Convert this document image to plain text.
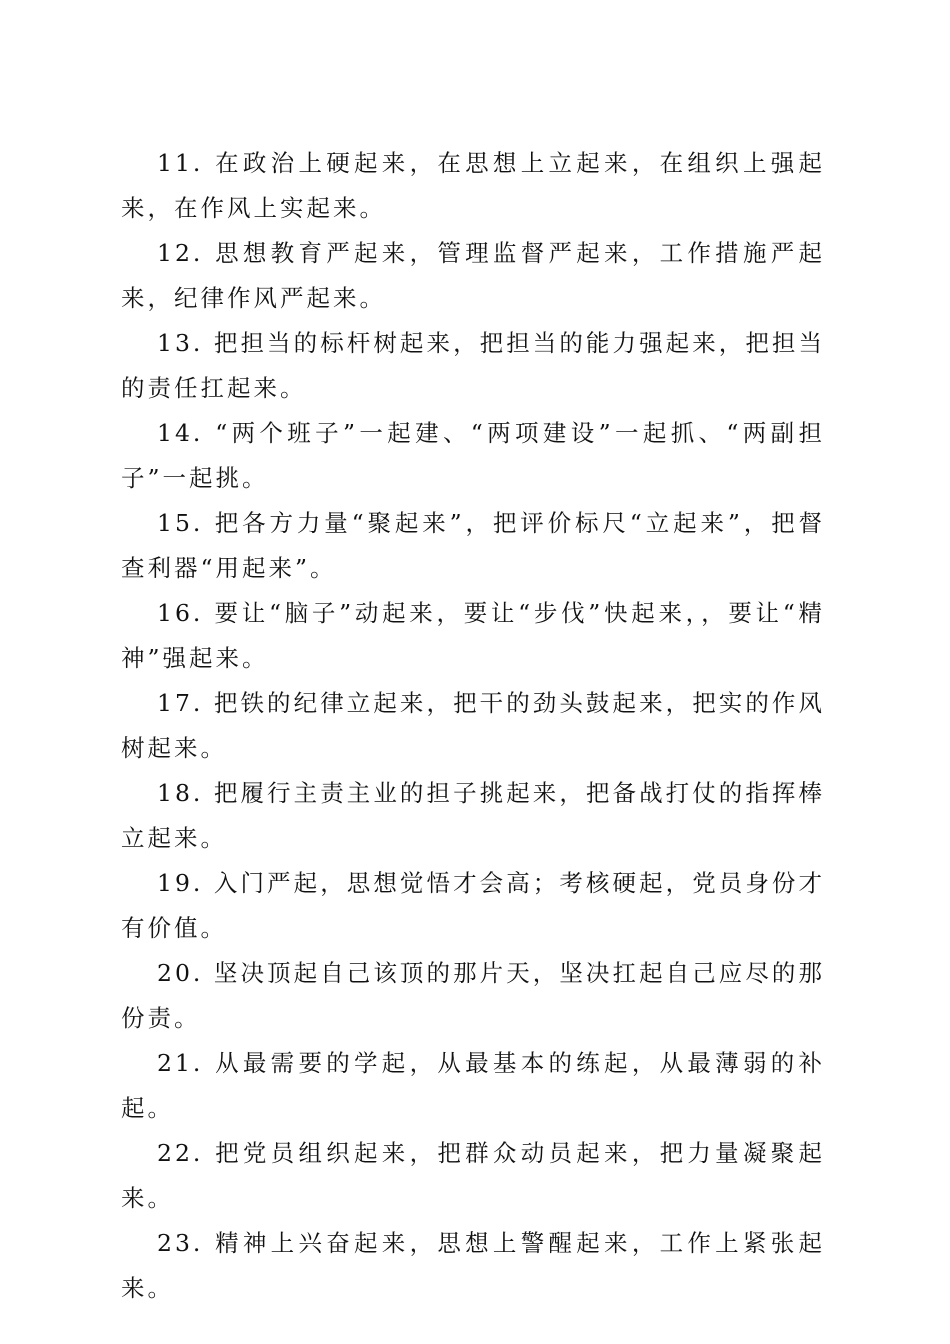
11. 在政治上硬起来，在思想上立起来，在组织上强起来，在作风上实起来。

12. 思想教育严起来，管理监督严起来，工作措施严起来，纪律作风严起来。

13. 把担当的标杆树起来，把担当的能力强起来，把担当的责任扛起来。

14. “两个班子”一起建、“两项建设”一起抓、“两副担子”一起挑。

15. 把各方力量“聚起来”，把评价标尺“立起来”，把督查利器“用起来”。

16. 要让“脑子”动起来，要让“步伐”快起来，，要让“精神”强起来。

17. 把铁的纪律立起来，把干的劲头鼓起来，把实的作风树起来。

18. 把履行主责主业的担子挑起来，把备战打仗的指挥棒立起来。

19. 入门严起，思想觉悟才会高；考核硬起，党员身份才有价值。

20. 坚决顶起自己该顶的那片天，坚决扛起自己应尽的那份责。

21. 从最需要的学起，从最基本的练起，从最薄弱的补起。

22. 把党员组织起来，把群众动员起来，把力量凝聚起来。

23. 精神上兴奋起来，思想上警醒起来，工作上紧张起来。
